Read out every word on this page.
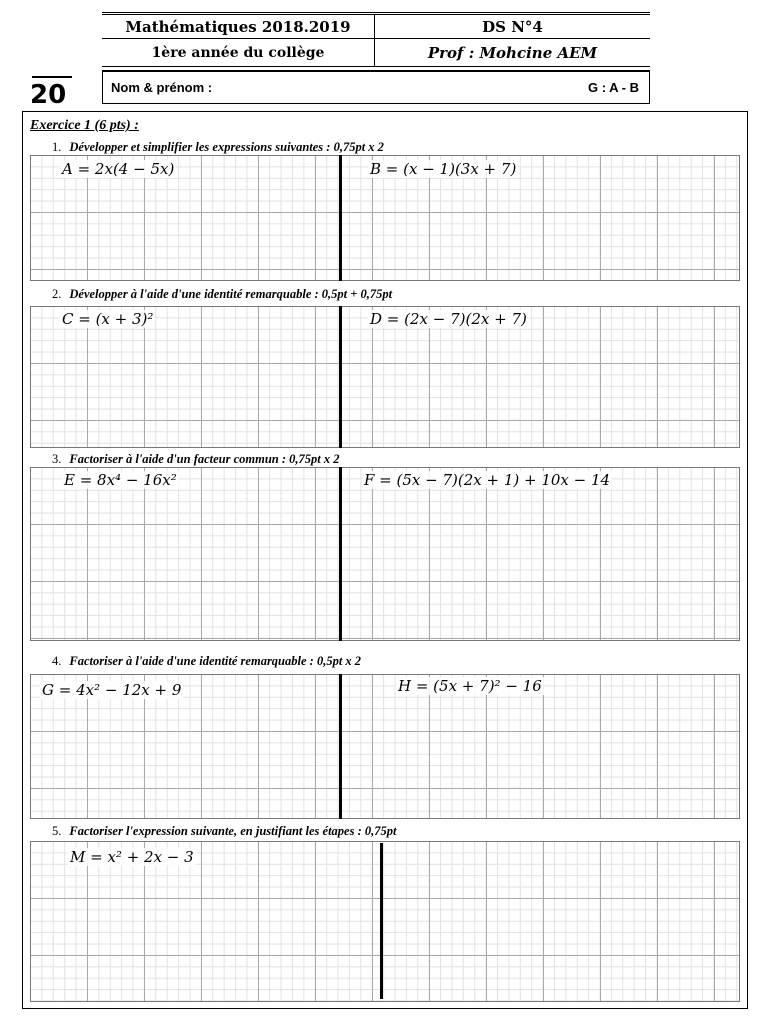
Mathématiques 2018.2019	DS N°4
1ère année du collège	Prof : Mohcine AEM
Nom & prénom :	G : A - B
20
Exercice 1 (6 pts) :
1. Développer et simplifier les expressions suivantes : 0,75pt x 2
A = 2x(4 − 5x)	B = (x − 1)(3x + 7)
2. Développer à l'aide d'une identité remarquable : 0,5pt + 0,75pt
C = (x + 3)²	D = (2x − 7)(2x + 7)
3. Factoriser à l'aide d'un facteur commun : 0,75pt x 2
E = 8x⁴ − 16x²	F = (5x − 7)(2x + 1) + 10x − 14
4. Factoriser à l'aide d'une identité remarquable : 0,5pt x 2
G = 4x² − 12x + 9	H = (5x + 7)² − 16
5. Factoriser l'expression suivante, en justifiant les étapes : 0,75pt
M = x² + 2x − 3
